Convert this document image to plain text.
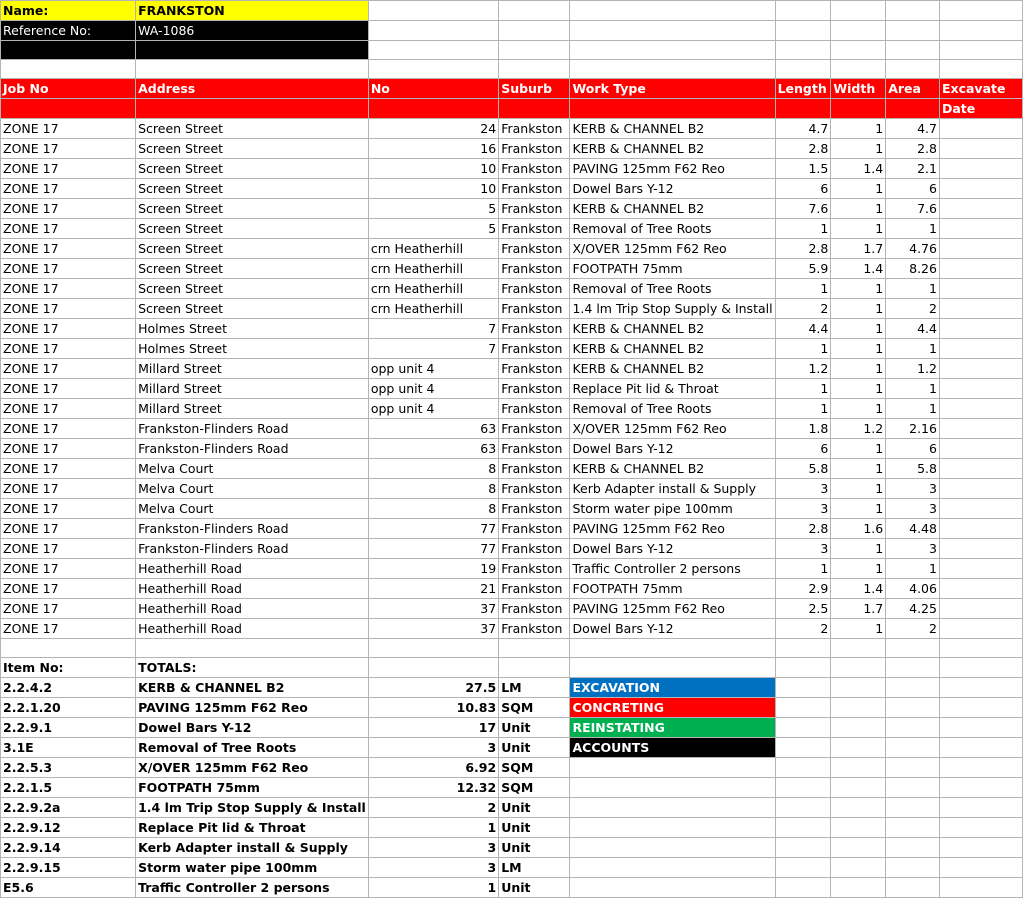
Name:	FRANKSTON							
Reference No:	WA-1086							

Job No	Address	No	Suburb	Work Type	Length	Width	Area	Excavate
								Date
ZONE 17	Screen Street	24	Frankston	KERB & CHANNEL B2	4.7	1	4.7	
ZONE 17	Screen Street	16	Frankston	KERB & CHANNEL B2	2.8	1	2.8	
ZONE 17	Screen Street	10	Frankston	PAVING 125mm F62 Reo	1.5	1.4	2.1	
ZONE 17	Screen Street	10	Frankston	Dowel Bars Y-12	6	1	6	
ZONE 17	Screen Street	5	Frankston	KERB & CHANNEL B2	7.6	1	7.6	
ZONE 17	Screen Street	5	Frankston	Removal of Tree Roots	1	1	1	
ZONE 17	Screen Street	crn Heatherhill	Frankston	X/OVER 125mm F62 Reo	2.8	1.7	4.76	
ZONE 17	Screen Street	crn Heatherhill	Frankston	FOOTPATH 75mm	5.9	1.4	8.26	
ZONE 17	Screen Street	crn Heatherhill	Frankston	Removal of Tree Roots	1	1	1	
ZONE 17	Screen Street	crn Heatherhill	Frankston	1.4 lm Trip Stop Supply & Install	2	1	2	
ZONE 17	Holmes Street	7	Frankston	KERB & CHANNEL B2	4.4	1	4.4	
ZONE 17	Holmes Street	7	Frankston	KERB & CHANNEL B2	1	1	1	
ZONE 17	Millard Street	opp unit 4	Frankston	KERB & CHANNEL B2	1.2	1	1.2	
ZONE 17	Millard Street	opp unit 4	Frankston	Replace Pit lid & Throat	1	1	1	
ZONE 17	Millard Street	opp unit 4	Frankston	Removal of Tree Roots	1	1	1	
ZONE 17	Frankston-Flinders Road	63	Frankston	X/OVER 125mm F62 Reo	1.8	1.2	2.16	
ZONE 17	Frankston-Flinders Road	63	Frankston	Dowel Bars Y-12	6	1	6	
ZONE 17	Melva Court	8	Frankston	KERB & CHANNEL B2	5.8	1	5.8	
ZONE 17	Melva Court	8	Frankston	Kerb Adapter install & Supply	3	1	3	
ZONE 17	Melva Court	8	Frankston	Storm water pipe 100mm	3	1	3	
ZONE 17	Frankston-Flinders Road	77	Frankston	PAVING 125mm F62 Reo	2.8	1.6	4.48	
ZONE 17	Frankston-Flinders Road	77	Frankston	Dowel Bars Y-12	3	1	3	
ZONE 17	Heatherhill Road	19	Frankston	Traffic Controller 2 persons	1	1	1	
ZONE 17	Heatherhill Road	21	Frankston	FOOTPATH 75mm	2.9	1.4	4.06	
ZONE 17	Heatherhill Road	37	Frankston	PAVING 125mm F62 Reo	2.5	1.7	4.25	
ZONE 17	Heatherhill Road	37	Frankston	Dowel Bars Y-12	2	1	2	

Item No:	TOTALS:							
2.2.4.2	KERB & CHANNEL B2	27.5	LM	EXCAVATION				
2.2.1.20	PAVING 125mm F62 Reo	10.83	SQM	CONCRETING				
2.2.9.1	Dowel Bars Y-12	17	Unit	REINSTATING				
3.1E	Removal of Tree Roots	3	Unit	ACCOUNTS				
2.2.5.3	X/OVER 125mm F62 Reo	6.92	SQM					
2.2.1.5	FOOTPATH 75mm	12.32	SQM					
2.2.9.2a	1.4 lm Trip Stop Supply & Install	2	Unit					
2.2.9.12	Replace Pit lid & Throat	1	Unit					
2.2.9.14	Kerb Adapter install & Supply	3	Unit					
2.2.9.15	Storm water pipe 100mm	3	LM					
E5.6	Traffic Controller 2 persons	1	Unit					
